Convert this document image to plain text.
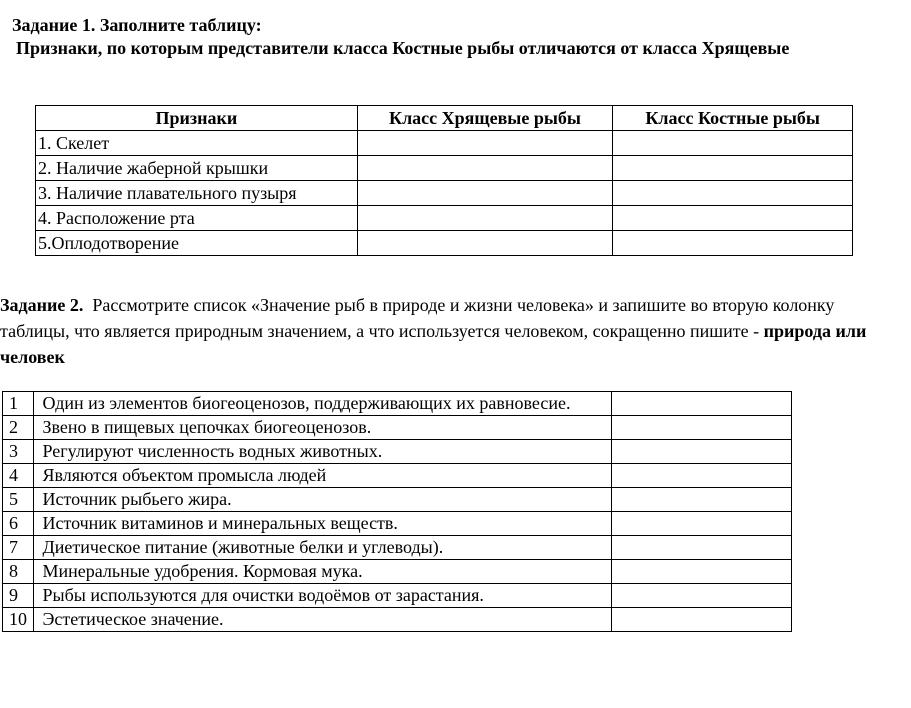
Задание 1. Заполните таблицу:
Признаки, по которым представители класса Костные рыбы отличаются от класса Хрящевые
Признаки	Класс Хрящевые рыбы	Класс Костные рыбы
1. Скелет		
2. Наличие жаберной крышки		
3. Наличие плавательного пузыря		
4. Расположение рта		
5.Оплодотворение		
Задание 2. Рассмотрите список «Значение рыб в природе и жизни человека» и запишите во вторую колонку таблицы, что является природным значением, а что используется человеком, сокращенно пишите - природа или человек
1	Один из элементов биогеоценозов, поддерживающих их равновесие.	
2	Звено в пищевых цепочках биогеоценозов.	
3	Регулируют численность водных животных.	
4	Являются объектом промысла людей	
5	Источник рыбьего жира.	
6	Источник витаминов и минеральных веществ.	
7	Диетическое питание (животные белки и углеводы).	
8	Минеральные удобрения. Кормовая мука.	
9	Рыбы используются для очистки водоёмов от зарастания.	
10	Эстетическое значение.	
